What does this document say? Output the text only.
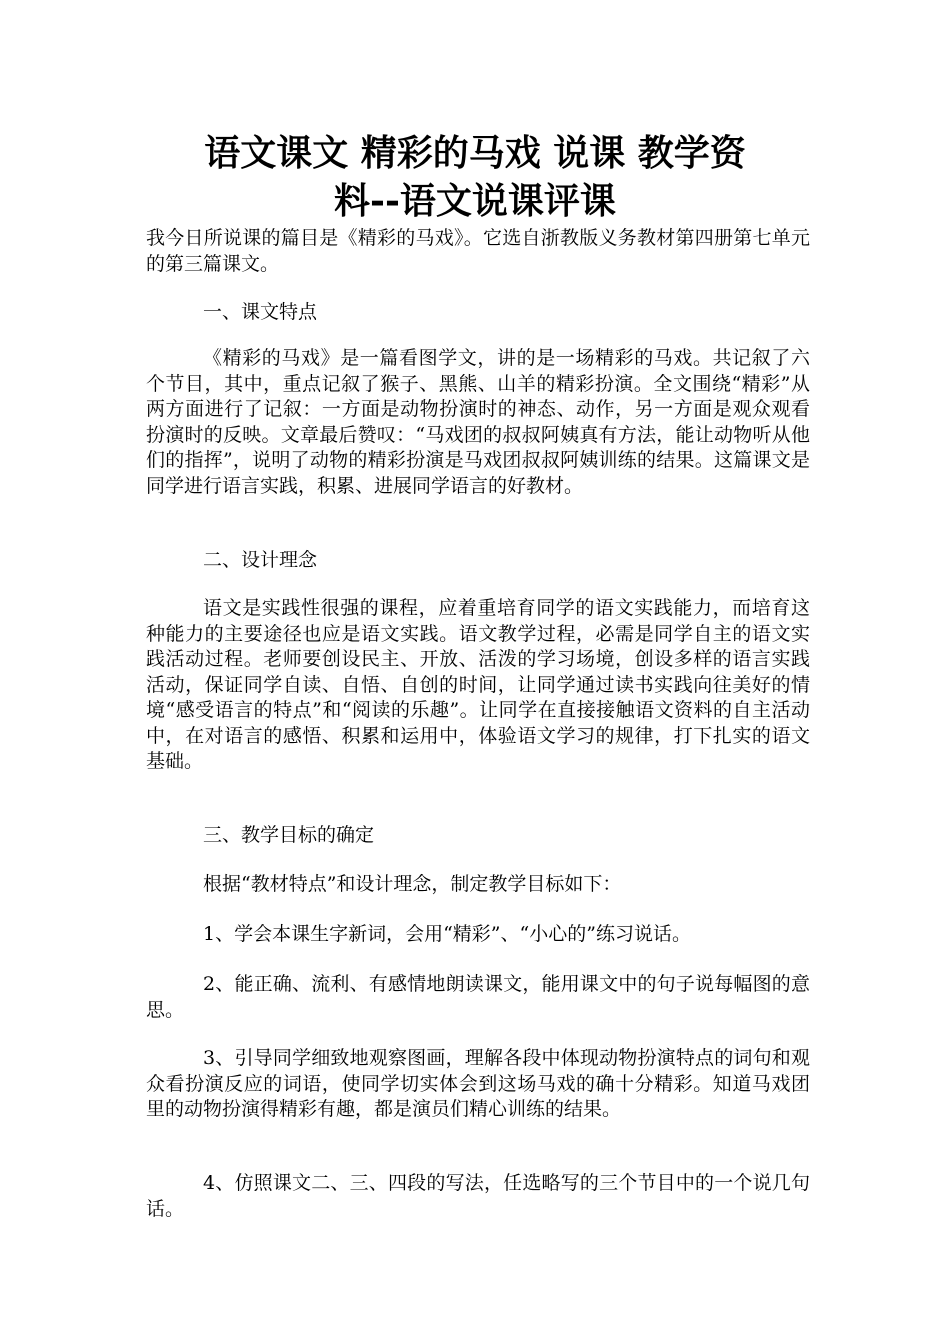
语文课文 精彩的马戏 说课 教学资
料--语文说课评课

我今日所说课的篇目是《精彩的马戏》。它选自浙教版义务教材第四册第七单元的第三篇课文。

一、课文特点

《精彩的马戏》是一篇看图学文，讲的是一场精彩的马戏。共记叙了六个节目，其中，重点记叙了猴子、黑熊、山羊的精彩扮演。全文围绕“精彩”从两方面进行了记叙：一方面是动物扮演时的神态、动作，另一方面是观众观看扮演时的反映。文章最后赞叹：“马戏团的叔叔阿姨真有方法，能让动物听从他们的指挥”，说明了动物的精彩扮演是马戏团叔叔阿姨训练的结果。这篇课文是同学进行语言实践，积累、进展同学语言的好教材。

二、设计理念

语文是实践性很强的课程，应着重培育同学的语文实践能力，而培育这种能力的主要途径也应是语文实践。语文教学过程，必需是同学自主的语文实践活动过程。老师要创设民主、开放、活泼的学习场境，创设多样的语言实践活动，保证同学自读、自悟、自创的时间，让同学通过读书实践向往美好的情境“感受语言的特点”和“阅读的乐趣”。让同学在直接接触语文资料的自主活动中，在对语言的感悟、积累和运用中，体验语文学习的规律，打下扎实的语文基础。

三、教学目标的确定

根据“教材特点”和设计理念，制定教学目标如下：

1、学会本课生字新词，会用“精彩”、“小心的”练习说话。

2、能正确、流利、有感情地朗读课文，能用课文中的句子说每幅图的意思。

3、引导同学细致地观察图画，理解各段中体现动物扮演特点的词句和观众看扮演反应的词语，使同学切实体会到这场马戏的确十分精彩。知道马戏团里的动物扮演得精彩有趣，都是演员们精心训练的结果。

4、仿照课文二、三、四段的写法，任选略写的三个节目中的一个说几句话。
